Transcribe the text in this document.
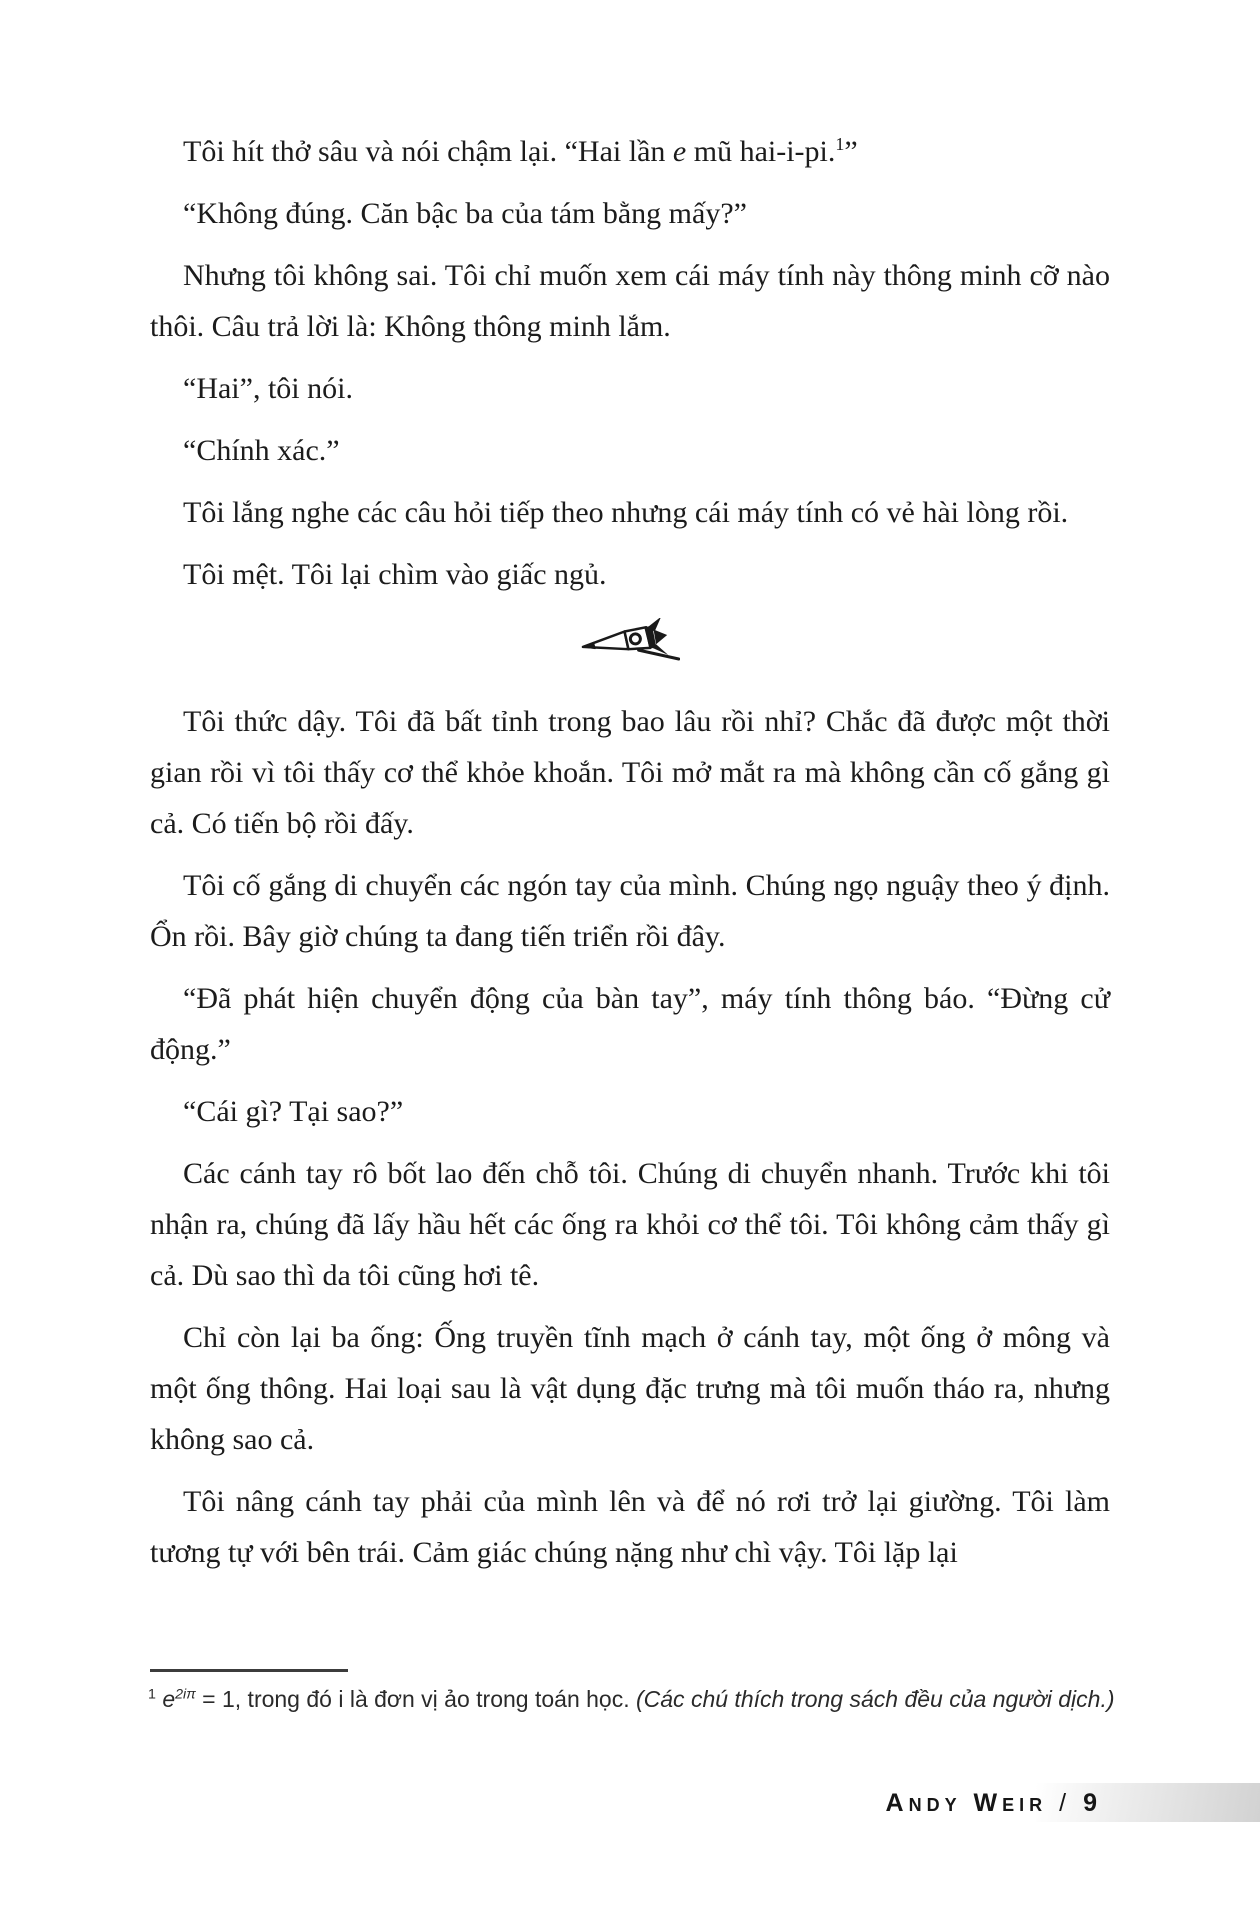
Tôi hít thở sâu và nói chậm lại. “Hai lần e mũ hai-i-pi.$^1$”

“Không đúng. Căn bậc ba của tám bằng mấy?”

Nhưng tôi không sai. Tôi chỉ muốn xem cái máy tính này thông minh cỡ nào thôi. Câu trả lời là: Không thông minh lắm.

“Hai”, tôi nói.

“Chính xác.”

Tôi lắng nghe các câu hỏi tiếp theo nhưng cái máy tính có vẻ hài lòng rồi.

Tôi mệt. Tôi lại chìm vào giấc ngủ.

Tôi thức dậy. Tôi đã bất tỉnh trong bao lâu rồi nhỉ? Chắc đã được một thời gian rồi vì tôi thấy cơ thể khỏe khoắn. Tôi mở mắt ra mà không cần cố gắng gì cả. Có tiến bộ rồi đấy.

Tôi cố gắng di chuyển các ngón tay của mình. Chúng ngọ nguậy theo ý định. Ổn rồi. Bây giờ chúng ta đang tiến triển rồi đây.

“Đã phát hiện chuyển động của bàn tay”, máy tính thông báo. “Đừng cử động.”

“Cái gì? Tại sao?”

Các cánh tay rô bốt lao đến chỗ tôi. Chúng di chuyển nhanh. Trước khi tôi nhận ra, chúng đã lấy hầu hết các ống ra khỏi cơ thể tôi. Tôi không cảm thấy gì cả. Dù sao thì da tôi cũng hơi tê.

Chỉ còn lại ba ống: Ống truyền tĩnh mạch ở cánh tay, một ống ở mông và một ống thông. Hai loại sau là vật dụng đặc trưng mà tôi muốn tháo ra, nhưng không sao cả.

Tôi nâng cánh tay phải của mình lên và để nó rơi trở lại giường. Tôi làm tương tự với bên trái. Cảm giác chúng nặng như chì vậy. Tôi lặp lại

$^1$ $e^{2i\pi} = 1$, trong đó i là đơn vị ảo trong toán học. (Các chú thích trong sách đều của người dịch.)

Andy Weir / 9
